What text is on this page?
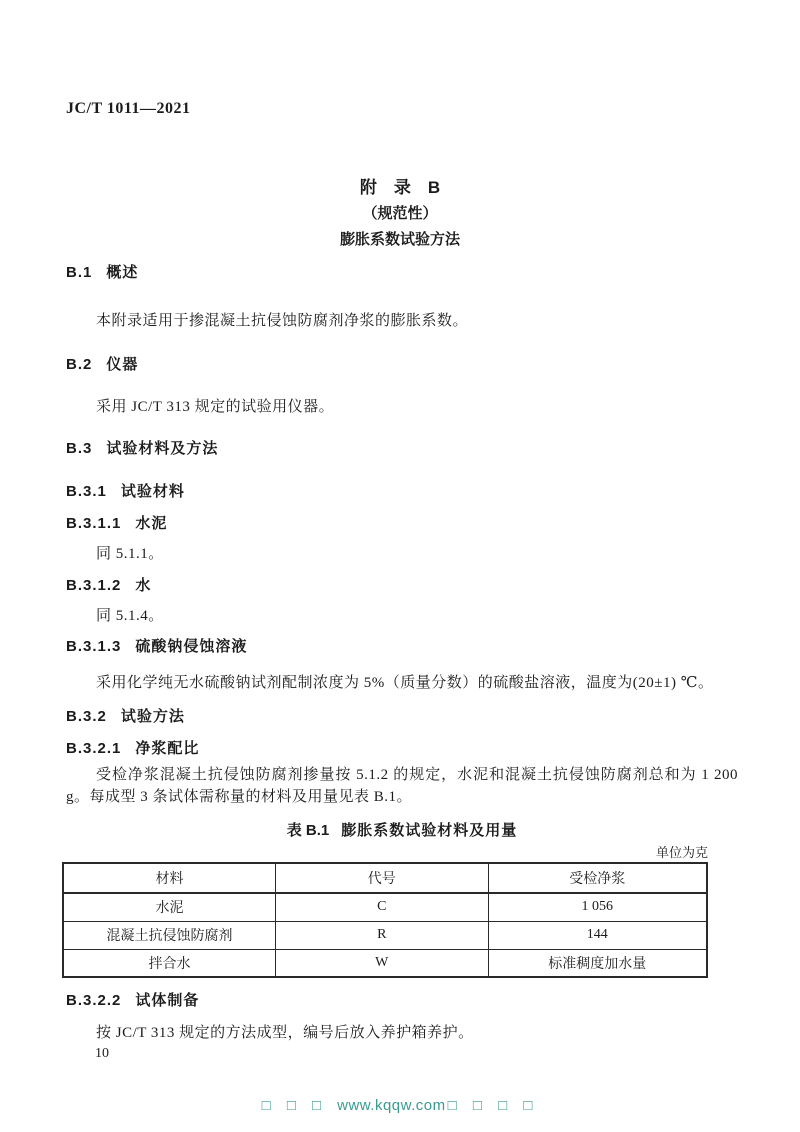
JC/T 1011—2021
附　录　B
（规范性）
膨胀系数试验方法
B.1 概述
本附录适用于掺混凝土抗侵蚀防腐剂净浆的膨胀系数。
B.2 仪器
采用 JC/T 313 规定的试验用仪器。
B.3 试验材料及方法
B.3.1 试验材料
B.3.1.1 水泥
同 5.1.1。
B.3.1.2 水
同 5.1.4。
B.3.1.3 硫酸钠侵蚀溶液
采用化学纯无水硫酸钠试剂配制浓度为 5%（质量分数）的硫酸盐溶液，温度为(20±1) ℃。
B.3.2 试验方法
B.3.2.1 净浆配比
受检净浆混凝土抗侵蚀防腐剂掺量按 5.1.2 的规定，水泥和混凝土抗侵蚀防腐剂总和为 1 200 g。每成型 3 条试体需称量的材料及用量见表 B.1。
表 B.1 膨胀系数试验材料及用量
单位为克
材料	代号	受检净浆
水泥	C	1 056
混凝土抗侵蚀防腐剂	R	144
拌合水	W	标准稠度加水量
B.3.2.2 试体制备
按 JC/T 313 规定的方法成型，编号后放入养护箱养护。
10
□ □ □ www.kqqw.com □ □ □ □
